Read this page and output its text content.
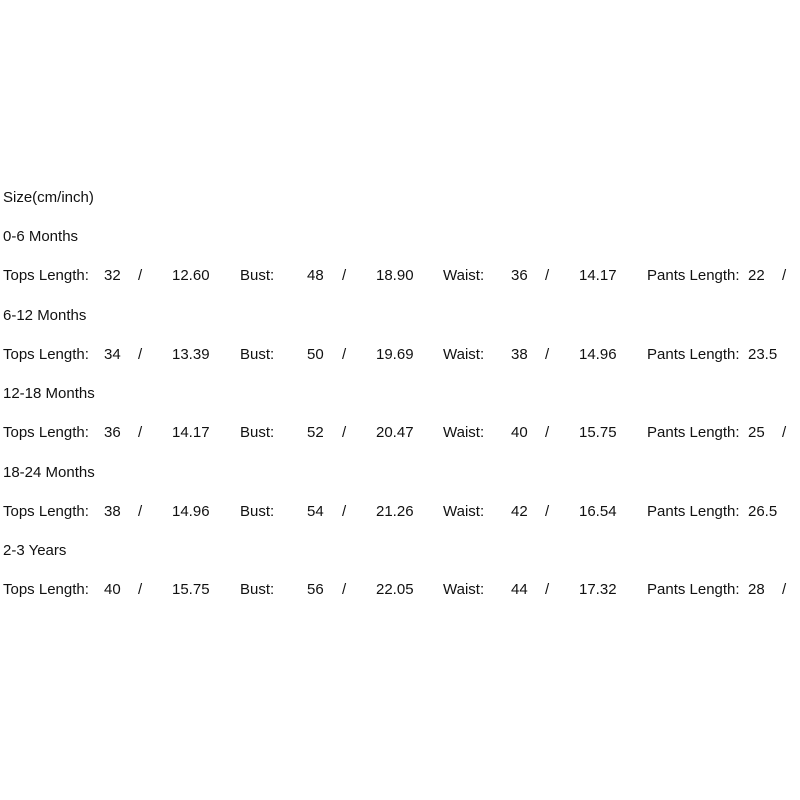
Size(cm/inch)
0-6 Months
Tops Length: 32 / 12.60 Bust: 48 / 18.90 Waist: 36 / 14.17 Pants Length: 22 /
6-12 Months
Tops Length: 34 / 13.39 Bust: 50 / 19.69 Waist: 38 / 14.96 Pants Length: 23.5
12-18 Months
Tops Length: 36 / 14.17 Bust: 52 / 20.47 Waist: 40 / 15.75 Pants Length: 25 /
18-24 Months
Tops Length: 38 / 14.96 Bust: 54 / 21.26 Waist: 42 / 16.54 Pants Length: 26.5
2-3 Years
Tops Length: 40 / 15.75 Bust: 56 / 22.05 Waist: 44 / 17.32 Pants Length: 28 /
